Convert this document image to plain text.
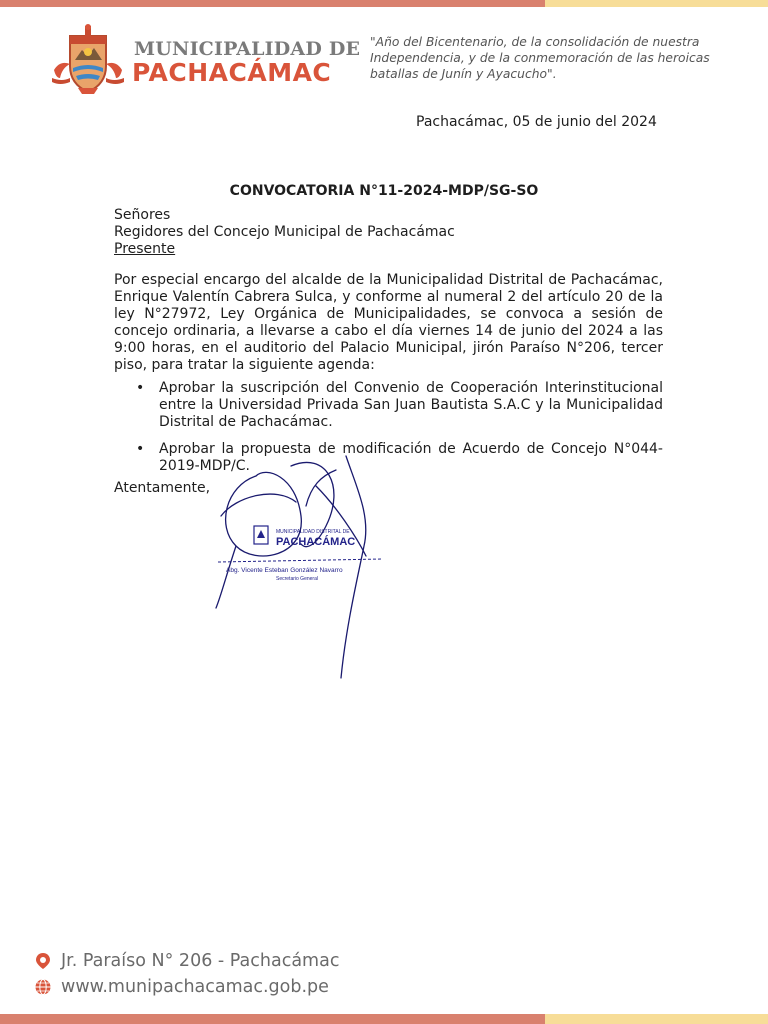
MUNICIPALIDAD DE
PACHACÁMAC
"Año del Bicentenario, de la consolidación de nuestra
Independencia, y de la conmemoración de las heroicas
batallas de Junín y Ayacucho".
Pachacámac, 05 de junio del 2024
CONVOCATORIA N°11-2024-MDP/SG-SO
Señores
Regidores del Concejo Municipal de Pachacámac
Presente
Por especial encargo del alcalde de la Municipalidad Distrital de Pachacámac, Enrique Valentín Cabrera Sulca, y conforme al numeral 2 del artículo 20 de la ley N°27972, Ley Orgánica de Municipalidades, se convoca a sesión de concejo ordinaria, a llevarse a cabo el día viernes 14 de junio del 2024 a las 9:00 horas, en el auditorio del Palacio Municipal, jirón Paraíso N°206, tercer piso, para tratar la siguiente agenda:
• Aprobar la suscripción del Convenio de Cooperación Interinstitucional entre la Universidad Privada San Juan Bautista S.A.C y la Municipalidad Distrital de Pachacámac.
• Aprobar la propuesta de modificación de Acuerdo de Concejo N°044-2019-MDP/C.
Atentamente,
MUNICIPALIDAD DISTRITAL DE
PACHACÁMAC
Abg. Vicente Esteban González Navarro
Secretario General
Jr. Paraíso N° 206 - Pachacámac
www.munipachacamac.gob.pe
